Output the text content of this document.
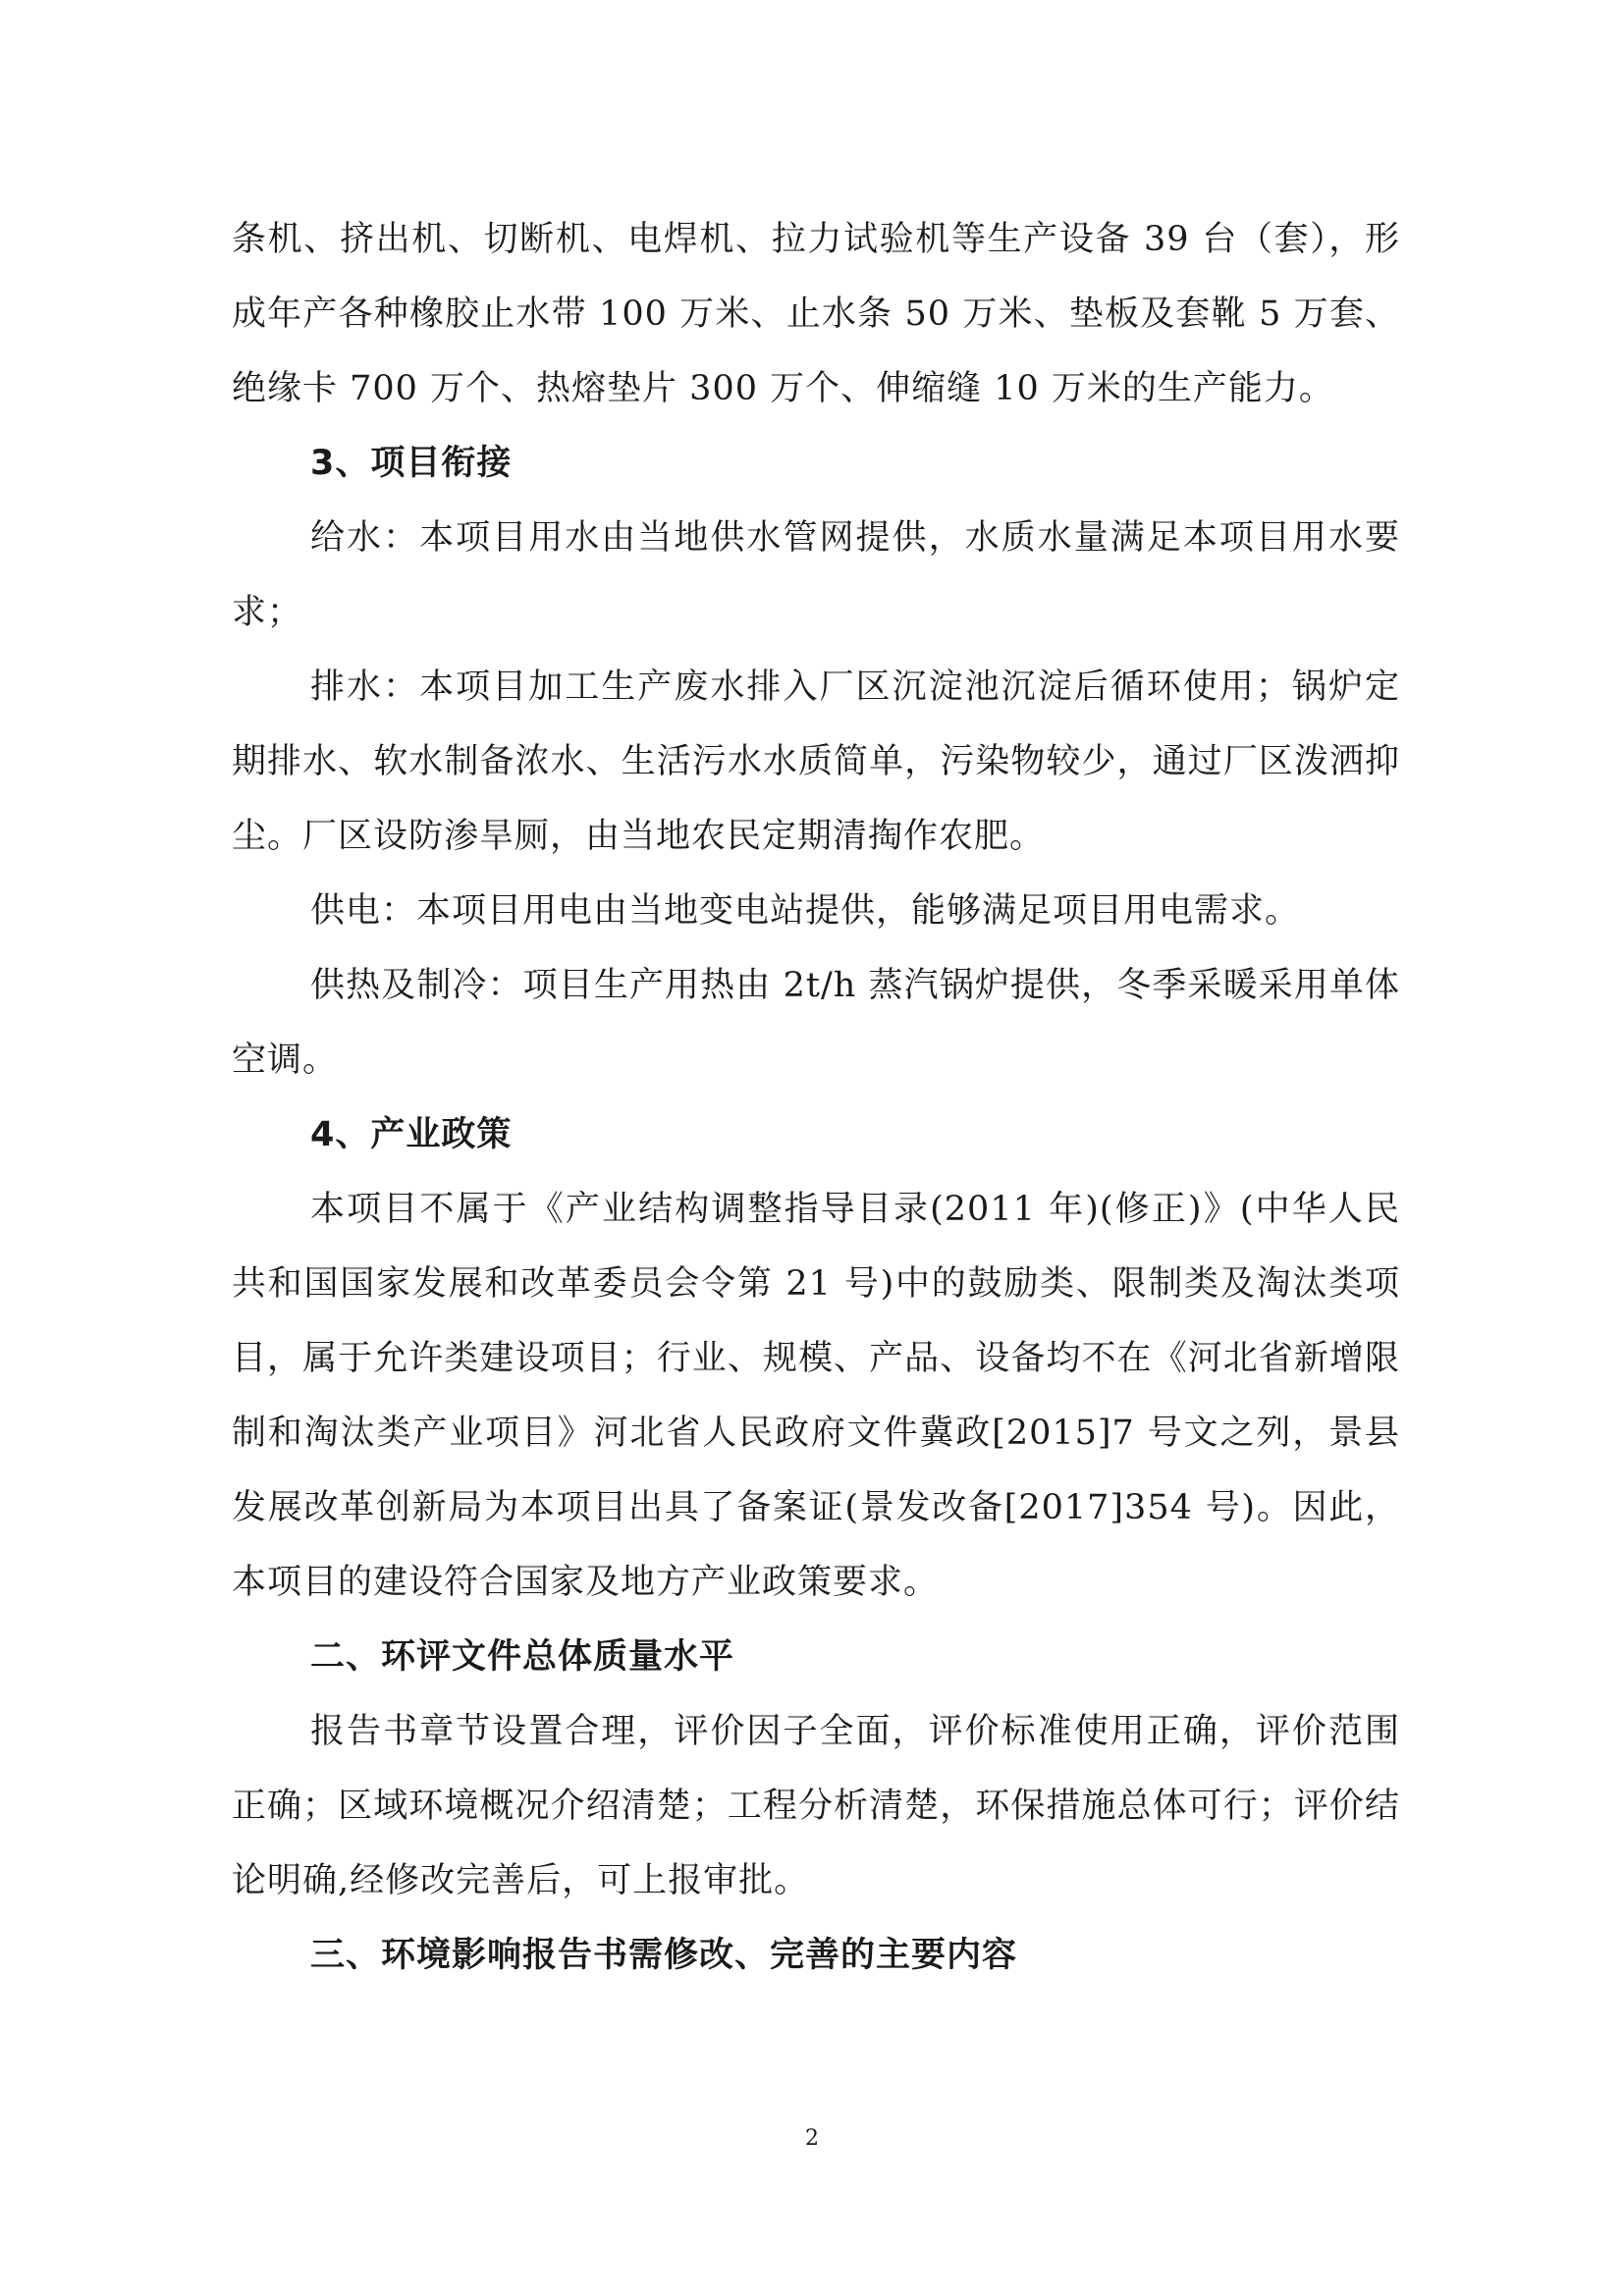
条机、挤出机、切断机、电焊机、拉力试验机等生产设备 39 台（套），形成年产各种橡胶止水带 100 万米、止水条 50 万米、垫板及套靴 5 万套、绝缘卡 700 万个、热熔垫片 300 万个、伸缩缝 10 万米的生产能力。

3、项目衔接

给水：本项目用水由当地供水管网提供，水质水量满足本项目用水要求；

排水：本项目加工生产废水排入厂区沉淀池沉淀后循环使用；锅炉定期排水、软水制备浓水、生活污水水质简单，污染物较少，通过厂区泼洒抑尘。厂区设防渗旱厕，由当地农民定期清掏作农肥。

供电：本项目用电由当地变电站提供，能够满足项目用电需求。

供热及制冷：项目生产用热由 2t/h 蒸汽锅炉提供，冬季采暖采用单体空调。

4、产业政策

本项目不属于《产业结构调整指导目录(2011 年)(修正)》(中华人民共和国国家发展和改革委员会令第 21 号)中的鼓励类、限制类及淘汰类项目，属于允许类建设项目；行业、规模、产品、设备均不在《河北省新增限制和淘汰类产业项目》河北省人民政府文件冀政[2015]7 号文之列，景县发展改革创新局为本项目出具了备案证(景发改备[2017]354 号)。因此，本项目的建设符合国家及地方产业政策要求。

二、环评文件总体质量水平

报告书章节设置合理，评价因子全面，评价标准使用正确，评价范围正确；区域环境概况介绍清楚；工程分析清楚，环保措施总体可行；评价结论明确,经修改完善后，可上报审批。

三、环境影响报告书需修改、完善的主要内容

2
